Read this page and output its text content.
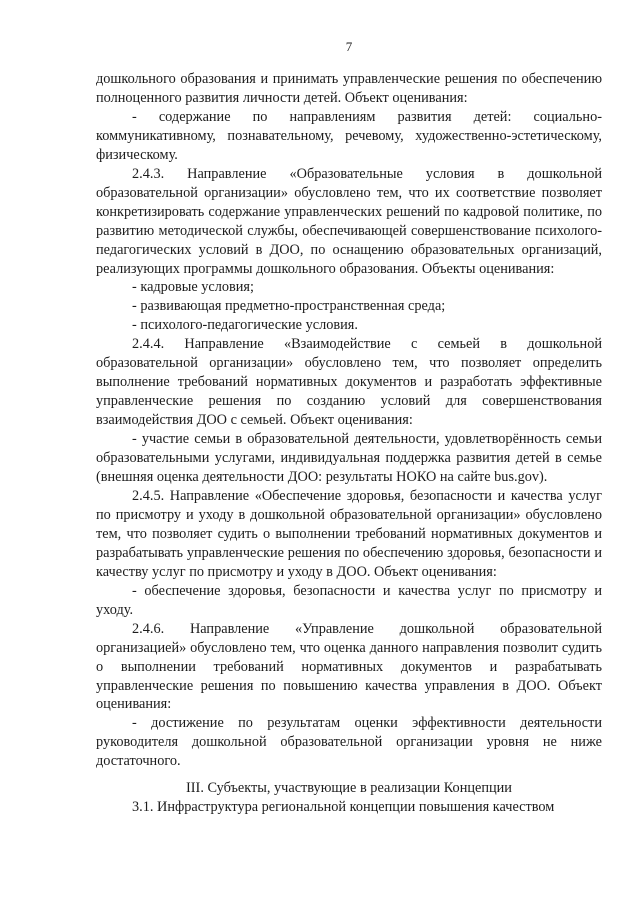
7

дошкольного образования и принимать управленческие решения по обеспечению полноценного развития личности детей. Объект оценивания:

- содержание по направлениям развития детей: социально-коммуникативному, познавательному, речевому, художественно-эстетическому, физическому.

2.4.3. Направление «Образовательные условия в дошкольной образовательной организации» обусловлено тем, что их соответствие позволяет конкретизировать содержание управленческих решений по кадровой политике, по развитию методической службы, обеспечивающей совершенствование психолого-педагогических условий в ДОО, по оснащению образовательных организаций, реализующих программы дошкольного образования. Объекты оценивания:

- кадровые условия;

- развивающая предметно-пространственная среда;

- психолого-педагогические условия.

2.4.4. Направление «Взаимодействие с семьей в дошкольной образовательной организации» обусловлено тем, что позволяет определить выполнение требований нормативных документов и разработать эффективные управленческие решения по созданию условий для совершенствования взаимодействия ДОО с семьей. Объект оценивания:

- участие семьи в образовательной деятельности, удовлетворённость семьи образовательными услугами, индивидуальная поддержка развития детей в семье (внешняя оценка деятельности ДОО: результаты НОКО на сайте bus.gov).

2.4.5. Направление «Обеспечение здоровья, безопасности и качества услуг по присмотру и уходу в дошкольной образовательной организации» обусловлено тем, что позволяет судить о выполнении требований нормативных документов и разрабатывать управленческие решения по обеспечению здоровья, безопасности и качеству услуг по присмотру и уходу в ДОО. Объект оценивания:

- обеспечение здоровья, безопасности и качества услуг по присмотру и уходу.

2.4.6. Направление «Управление дошкольной образовательной организацией» обусловлено тем, что оценка данного направления позволит судить о выполнении требований нормативных документов и разрабатывать управленческие решения по повышению качества управления в ДОО. Объект оценивания:

- достижение по результатам оценки эффективности деятельности руководителя дошкольной образовательной организации уровня не ниже достаточного.

III. Субъекты, участвующие в реализации Концепции

3.1. Инфраструктура региональной концепции повышения качеством
